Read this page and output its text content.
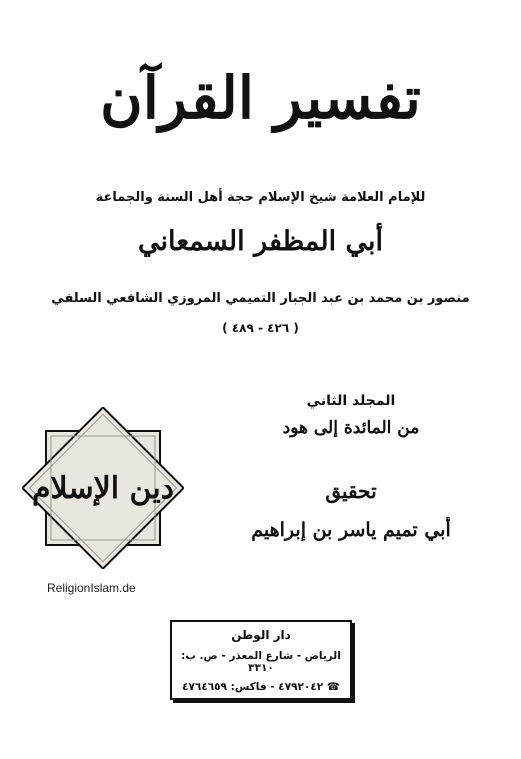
تفسير القرآن
للإمام العلامة شيخ الإسلام حجة أهل السنة والجماعة
أبي المظفر السمعاني
منصور بن محمد بن عبد الجبار التميمي المروزي الشافعي السلفي
( ٤٢٦ - ٤٨٩ )
المجلد الثاني
من المائدة إلى هود
تحقيق
أبي تميم ياسر بن إبراهيم
دين الإسلام
ReligionIslam.de
دار الوطن
الرياض - شارع المعذر - ص. ب: ٣٣١٠
☎ ٤٧٩٢٠٤٢ - فاكس: ٤٧٦٤٦٥٩
